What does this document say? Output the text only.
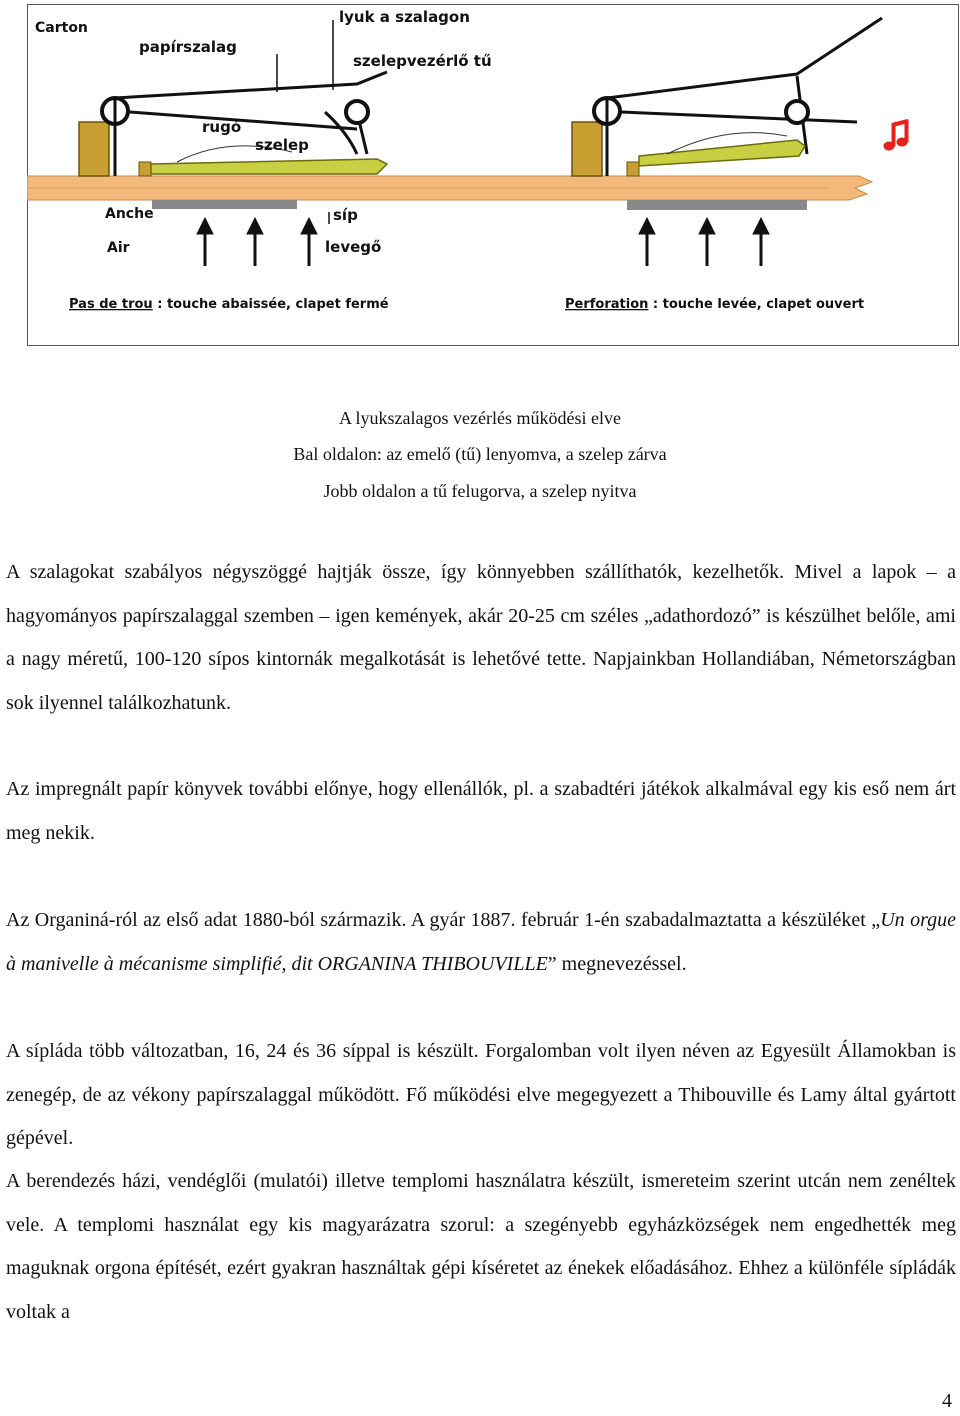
Carton
lyuk a szalagon
papírszalag
szelepvezérlő tű
rugó
szelep
Anche	síp
Air	levegő
Pas de trou : touche abaissée, clapet fermé	Perforation : touche levée, clapet ouvert
A lyukszalagos vezérlés működési elve
Bal oldalon: az emelő (tű) lenyomva, a szelep zárva
Jobb oldalon a tű felugorva, a szelep nyitva

A szalagokat szabályos négyszöggé hajtják össze, így könnyebben szállíthatók, kezelhetők. Mivel a lapok – a hagyományos papírszalaggal szemben – igen kemények, akár 20-25 cm széles „adathordozó” is készülhet belőle, ami a nagy méretű, 100-120 sípos kintornák megalkotását is lehetővé tette. Napjainkban Hollandiában, Németországban sok ilyennel találkozhatunk.

Az impregnált papír könyvek további előnye, hogy ellenállók, pl. a szabadtéri játékok alkalmával egy kis eső nem árt meg nekik.

Az Organiná-ról az első adat 1880-ból származik. A gyár 1887. február 1-én szabadalmaztatta a készüléket „Un orgue à manivelle à mécanisme simplifié, dit ORGANINA THIBOUVILLE” megnevezéssel.

A sípláda több változatban, 16, 24 és 36 síppal is készült. Forgalomban volt ilyen néven az Egyesült Államokban is zenegép, de az vékony papírszalaggal működött. Fő működési elve megegyezett a Thibouville és Lamy által gyártott gépével.

A berendezés házi, vendéglői (mulatói) illetve templomi használatra készült, ismereteim szerint utcán nem zenéltek vele. A templomi használat egy kis magyarázatra szorul: a szegényebb egyházközségek nem engedhették meg maguknak orgona építését, ezért gyakran használtak gépi kíséretet az énekek előadásához. Ehhez a különféle sípládák voltak a

4
